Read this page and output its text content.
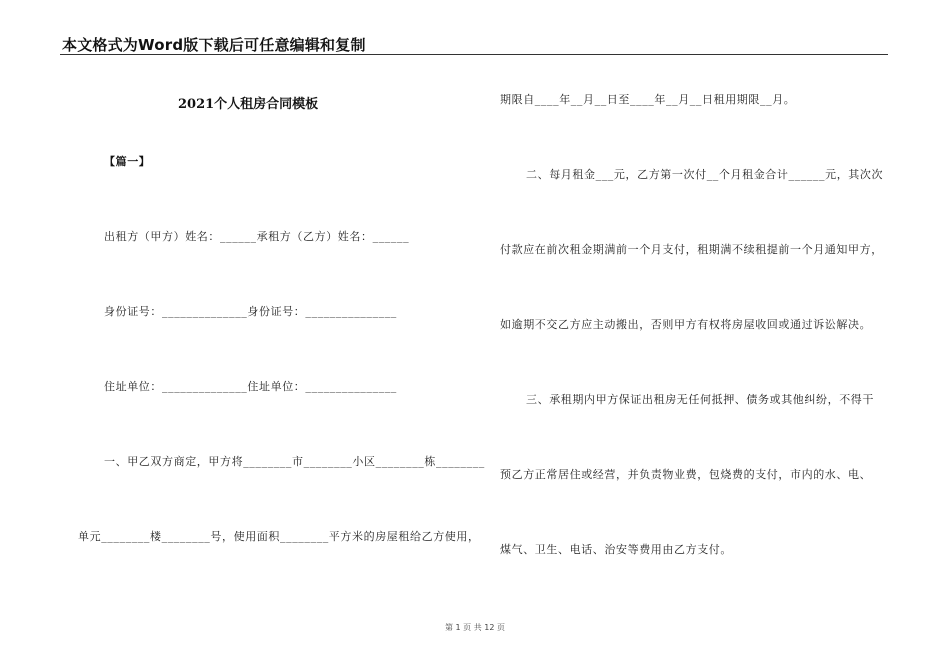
本文格式为Word版下载后可任意编辑和复制
2021个人租房合同模板
【篇一】
出租方（甲方）姓名：______承租方（乙方）姓名：______
身份证号：______________身份证号：_______________
住址单位：______________住址单位：_______________
一、甲乙双方商定，甲方将________市________小区________栋________
单元________楼________号，使用面积________平方米的房屋租给乙方使用，
期限自____年__月__日至____年__月__日租用期限__月。
二、每月租金___元，乙方第一次付__个月租金合计______元，其次次
付款应在前次租金期满前一个月支付，租期满不续租提前一个月通知甲方，
如逾期不交乙方应主动搬出，否则甲方有权将房屋收回或通过诉讼解决。
三、承租期内甲方保证出租房无任何抵押、债务或其他纠纷，不得干
预乙方正常居住或经营，并负责物业费，包烧费的支付，市内的水、电、
煤气、卫生、电话、治安等费用由乙方支付。
第 1 页 共 12 页
